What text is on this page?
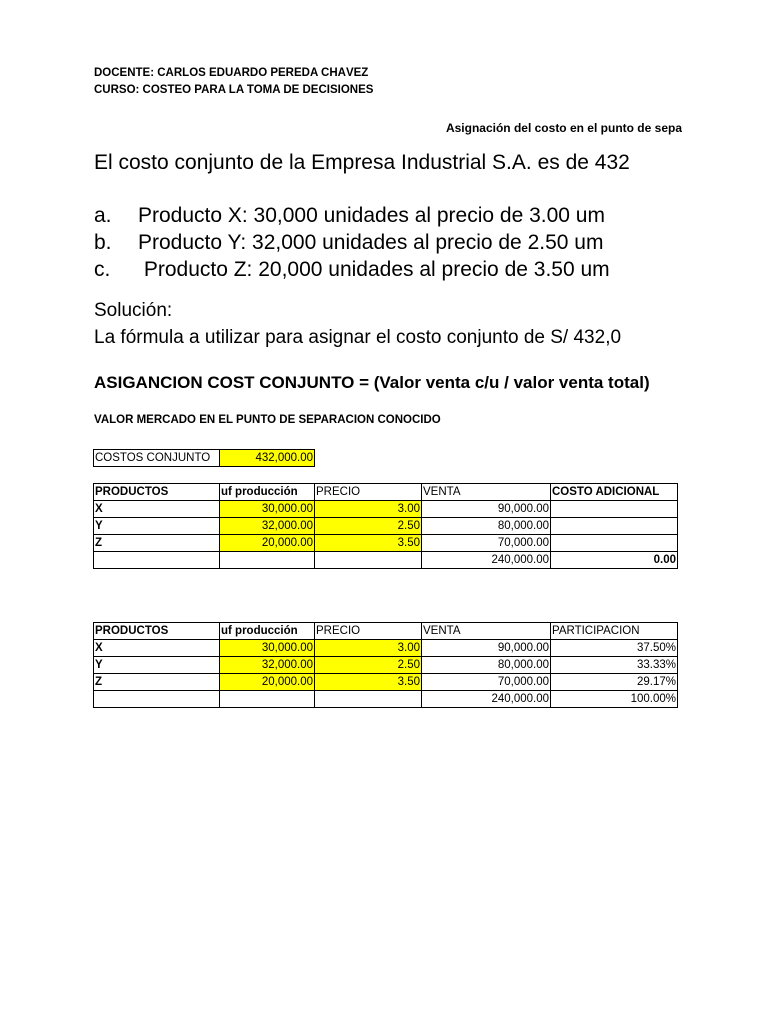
DOCENTE: CARLOS EDUARDO PEREDA CHÁVEZ
CURSO: COSTEO PARA LA TOMA DE DECISIONES
Asignación del costo en el punto de sepa
El costo conjunto de la Empresa Industrial S.A. es de 432
a. Producto X: 30,000 unidades al precio de 3.00 um
b. Producto Y: 32,000 unidades al precio de 2.50 um
c. Producto Z: 20,000 unidades al precio de 3.50 um
Solución:
La fórmula a utilizar para asignar el costo conjunto de S/ 432,0
ASIGANCION COST CONJUNTO = (Valor venta c/u / valor venta total)
VALOR MERCADO EN EL PUNTO DE SEPARACION CONOCIDO
COSTOS CONJUNTO	432,000.00
PRODUCTOS	uf producción	PRECIO	VENTA	COSTO ADICIONAL
X	30,000.00	3.00	90,000.00	
Y	32,000.00	2.50	80,000.00	
Z	20,000.00	3.50	70,000.00	
			240,000.00	0.00
PRODUCTOS	uf producción	PRECIO	VENTA	PARTICIPACION
X	30,000.00	3.00	90,000.00	37.50%
Y	32,000.00	2.50	80,000.00	33.33%
Z	20,000.00	3.50	70,000.00	29.17%
			240,000.00	100.00%
